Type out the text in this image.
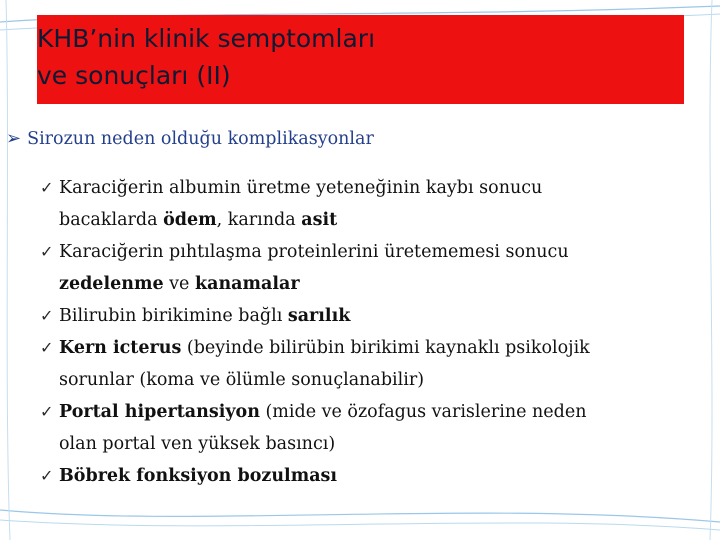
KHB’nin klinik semptomları
ve sonuçları (II)
➢ Sirozun neden olduğu komplikasyonlar
✓ Karaciğerin albumin üretme yeteneğinin kaybı sonucu
bacaklarda ödem, karında asit
✓ Karaciğerin pıhtılaşma proteinlerini üretememesi sonucu
zedelenme ve kanamalar
✓ Bilirubin birikimine bağlı sarılık
✓ Kern icterus (beyinde bilirübin birikimi kaynaklı psikolojik
sorunlar (koma ve ölümle sonuçlanabilir)
✓ Portal hipertansiyon (mide ve özofagus varislerine neden
olan portal ven yüksek basıncı)
✓ Böbrek fonksiyon bozulması
